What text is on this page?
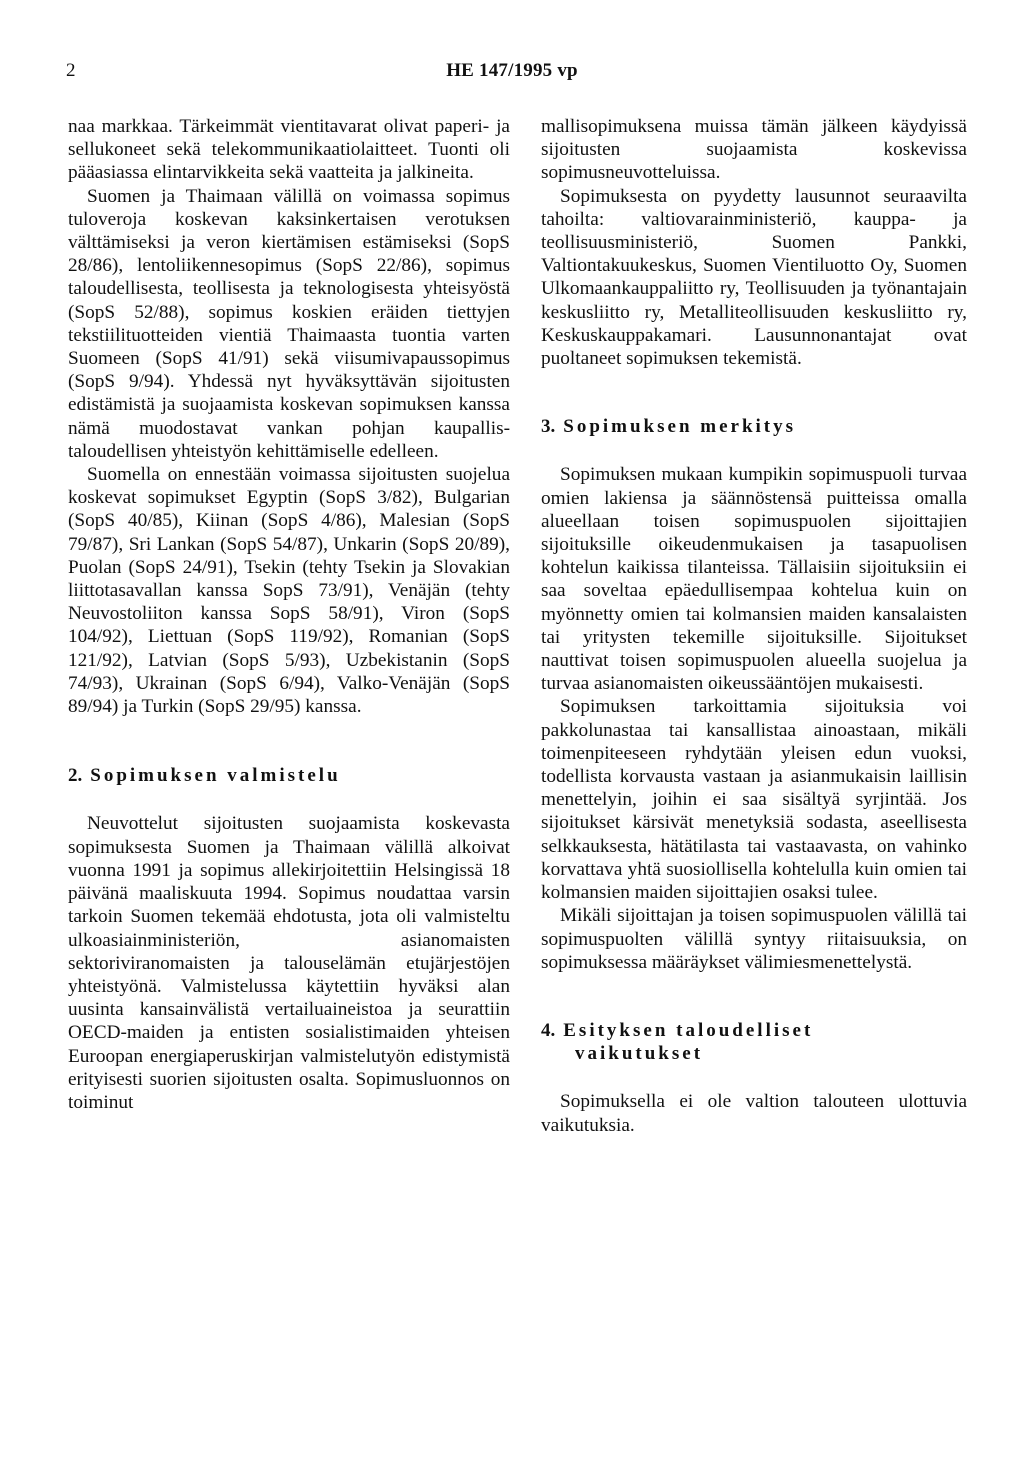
2	HE 147/1995 vp

naa markkaa. Tärkeimmät vientitavarat olivat paperi- ja sellukoneet sekä telekommunikaatiolaitteet. Tuonti oli pääasiassa elintarvikkeita sekä vaatteita ja jalkineita.

Suomen ja Thaimaan välillä on voimassa sopimus tuloveroja koskevan kaksinkertaisen verotuksen välttämiseksi ja veron kiertämisen estämiseksi (SopS 28/86), lentoliikennesopimus (SopS 22/86), sopimus taloudellisesta, teollisesta ja teknologisesta yhteisyöstä (SopS 52/88), sopimus koskien eräiden tiettyjen tekstiilituotteiden vientiä Thaimaasta tuontia varten Suomeen (SopS 41/91) sekä viisumivapaussopimus (SopS 9/94). Yhdessä nyt hyväksyttävän sijoitusten edistämistä ja suojaamista koskevan sopimuksen kanssa nämä muodostavat vankan pohjan kaupallis-taloudellisen yhteistyön kehittämiselle edelleen.

Suomella on ennestään voimassa sijoitusten suojelua koskevat sopimukset Egyptin (SopS 3/82), Bulgarian (SopS 40/85), Kiinan (SopS 4/86), Malesian (SopS 79/87), Sri Lankan (SopS 54/87), Unkarin (SopS 20/89), Puolan (SopS 24/91), Tsekin (tehty Tsekin ja Slovakian liittotasavallan kanssa SopS 73/91), Venäjän (tehty Neuvostoliiton kanssa SopS 58/91), Viron (SopS 104/92), Liettuan (SopS 119/92), Romanian (SopS 121/92), Latvian (SopS 5/93), Uzbekistanin (SopS 74/93), Ukrainan (SopS 6/94), Valko-Venäjän (SopS 89/94) ja Turkin (SopS 29/95) kanssa.

2. Sopimuksen valmistelu

Neuvottelut sijoitusten suojaamista koskevasta sopimuksesta Suomen ja Thaimaan välillä alkoivat vuonna 1991 ja sopimus allekirjoitettiin Helsingissä 18 päivänä maaliskuuta 1994. Sopimus noudattaa varsin tarkoin Suomen tekemää ehdotusta, jota oli valmisteltu ulkoasiainministeriön, asianomaisten sektoriviranomaisten ja talouselämän etujärjestöjen yhteistyönä. Valmistelussa käytettiin hyväksi alan uusinta kansainvälistä vertailuaineistoa ja seurattiin OECD-maiden ja entisten sosialistimaiden yhteisen Euroopan energiaperuskirjan valmistelutyön edistymistä erityisesti suorien sijoitusten osalta. Sopimusluonnos on toiminut

mallisopimuksena muissa tämän jälkeen käydyissä sijoitusten suojaamista koskevissa sopimusneuvotteluissa.

Sopimuksesta on pyydetty lausunnot seuraavilta tahoilta: valtiovarainministeriö, kauppa- ja teollisuusministeriö, Suomen Pankki, Valtiontakuukeskus, Suomen Vientiluotto Oy, Suomen Ulkomaankauppaliitto ry, Teollisuuden ja työnantajain keskusliitto ry, Metalliteollisuuden keskusliitto ry, Keskuskauppakamari. Lausunnonantajat ovat puoltaneet sopimuksen tekemistä.

3. Sopimuksen merkitys

Sopimuksen mukaan kumpikin sopimuspuoli turvaa omien lakiensa ja säännöstensä puitteissa omalla alueellaan toisen sopimuspuolen sijoittajien sijoituksille oikeudenmukaisen ja tasapuolisen kohtelun kaikissa tilanteissa. Tällaisiin sijoituksiin ei saa soveltaa epäedullisempaa kohtelua kuin on myönnetty omien tai kolmansien maiden kansalaisten tai yritysten tekemille sijoituksille. Sijoitukset nauttivat toisen sopimuspuolen alueella suojelua ja turvaa asianomaisten oikeussääntöjen mukaisesti.

Sopimuksen tarkoittamia sijoituksia voi pakkolunastaa tai kansallistaa ainoastaan, mikäli toimenpiteeseen ryhdytään yleisen edun vuoksi, todellista korvausta vastaan ja asianmukaisin laillisin menettelyin, joihin ei saa sisältyä syrjintää. Jos sijoitukset kärsivät menetyksiä sodasta, aseellisesta selkkauksesta, hätätilasta tai vastaavasta, on vahinko korvattava yhtä suosiollisella kohtelulla kuin omien tai kolmansien maiden sijoittajien osaksi tulee.

Mikäli sijoittajan ja toisen sopimuspuolen välillä tai sopimuspuolten välillä syntyy riitaisuuksia, on sopimuksessa määräykset välimiesmenettelystä.

4. Esityksen taloudelliset
vaikutukset

Sopimuksella ei ole valtion talouteen ulottuvia vaikutuksia.
